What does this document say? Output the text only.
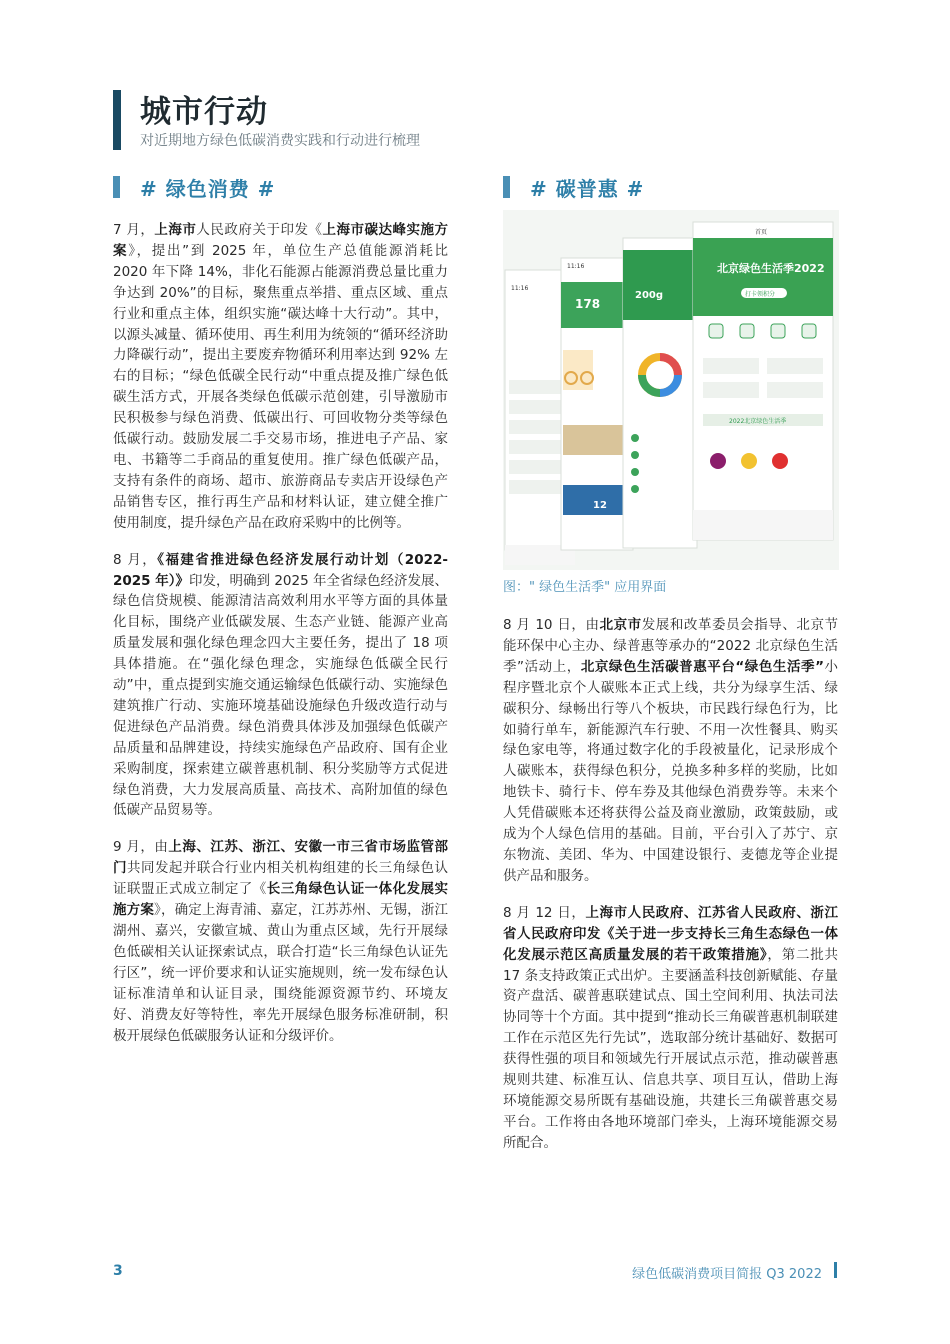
城市行动

对近期地方绿色低碳消费实践和行动进行梳理

# 绿色消费 #	# 碳普惠 #

7 月，上海市人民政府关于印发《上海市碳达峰实施方案》，提出”到 2025 年，单位生产总值能源消耗比 2020 年下降 14%，非化石能源占能源消费总量比重力争达到 20%”的目标，聚焦重点举措、重点区域、重点行业和重点主体，组织实施“碳达峰十大行动”。其中，以源头减量、循环使用、再生利用为统领的“循环经济助力降碳行动”，提出主要废弃物循环利用率达到 92% 左右的目标；“绿色低碳全民行动“中重点提及推广绿色低碳生活方式，开展各类绿色低碳示范创建，引导激励市民积极参与绿色消费、低碳出行、可回收物分类等绿色低碳行动。鼓励发展二手交易市场，推进电子产品、家电、书籍等二手商品的重复使用。推广绿色低碳产品，支持有条件的商场、超市、旅游商品专卖店开设绿色产品销售专区，推行再生产品和材料认证，建立健全推广使用制度，提升绿色产品在政府采购中的比例等。

8 月，《福建省推进绿色经济发展行动计划（2022-2025 年）》印发，明确到 2025 年全省绿色经济发展、绿色信贷规模、能源清洁高效利用水平等方面的具体量化目标，围绕产业低碳发展、生态产业链、能源产业高质量发展和强化绿色理念四大主要任务，提出了 18 项具体措施。在“强化绿色理念，实施绿色低碳全民行动”中，重点提到实施交通运输绿色低碳行动、实施绿色建筑推广行动、实施环境基础设施绿色升级改造行动与促进绿色产品消费。绿色消费具体涉及加强绿色低碳产品质量和品牌建设，持续实施绿色产品政府、国有企业采购制度，探索建立碳普惠机制、积分奖励等方式促进绿色消费，大力发展高质量、高技术、高附加值的绿色低碳产品贸易等。

9 月，由上海、江苏、浙江、安徽一市三省市场监管部门共同发起并联合行业内相关机构组建的长三角绿色认证联盟正式成立制定了《长三角绿色认证一体化发展实施方案》，确定上海青浦、嘉定，江苏苏州、无锡，浙江湖州、嘉兴，安徽宣城、黄山为重点区域，先行开展绿色低碳相关认证探索试点，联合打造“长三角绿色认证先行区”，统一评价要求和认证实施规则，统一发布绿色认证标准清单和认证目录，围绕能源资源节约、环境友好、消费友好等特性，率先开展绿色服务标准研制，积极开展绿色低碳服务认证和分级评价。

11:16
11:16
178
12
200g
首页
北京绿色生活季2022
打卡领积分
2022北京绿色生活季
图：" 绿色生活季" 应用界面

8 月 10 日，由北京市发展和改革委员会指导、北京节能环保中心主办、绿普惠等承办的“2022 北京绿色生活季”活动上，北京绿色生活碳普惠平台“绿色生活季”小程序暨北京个人碳账本正式上线，共分为绿享生活、绿碳积分、绿畅出行等八个板块，市民践行绿色行为，比如骑行单车，新能源汽车行驶、不用一次性餐具、购买绿色家电等，将通过数字化的手段被量化，记录形成个人碳账本，获得绿色积分，兑换多种多样的奖励，比如地铁卡、骑行卡、停车券及其他绿色消费券等。未来个人凭借碳账本还将获得公益及商业激励，政策鼓励，或成为个人绿色信用的基础。目前，平台引入了苏宁、京东物流、美团、华为、中国建设银行、麦德龙等企业提供产品和服务。

8 月 12 日，上海市人民政府、江苏省人民政府、浙江省人民政府印发《关于进一步支持长三角生态绿色一体化发展示范区高质量发展的若干政策措施》，第二批共 17 条支持政策正式出炉。主要涵盖科技创新赋能、存量资产盘活、碳普惠联建试点、国土空间利用、执法司法协同等十个方面。其中提到“推动长三角碳普惠机制联建工作在示范区先行先试”，选取部分统计基础好、数据可获得性强的项目和领域先行开展试点示范，推动碳普惠规则共建、标准互认、信息共享、项目互认，借助上海环境能源交易所既有基础设施，共建长三角碳普惠交易平台。工作将由各地环境部门牵头，上海环境能源交易所配合。

3	绿色低碳消费项目简报 Q3 2022
